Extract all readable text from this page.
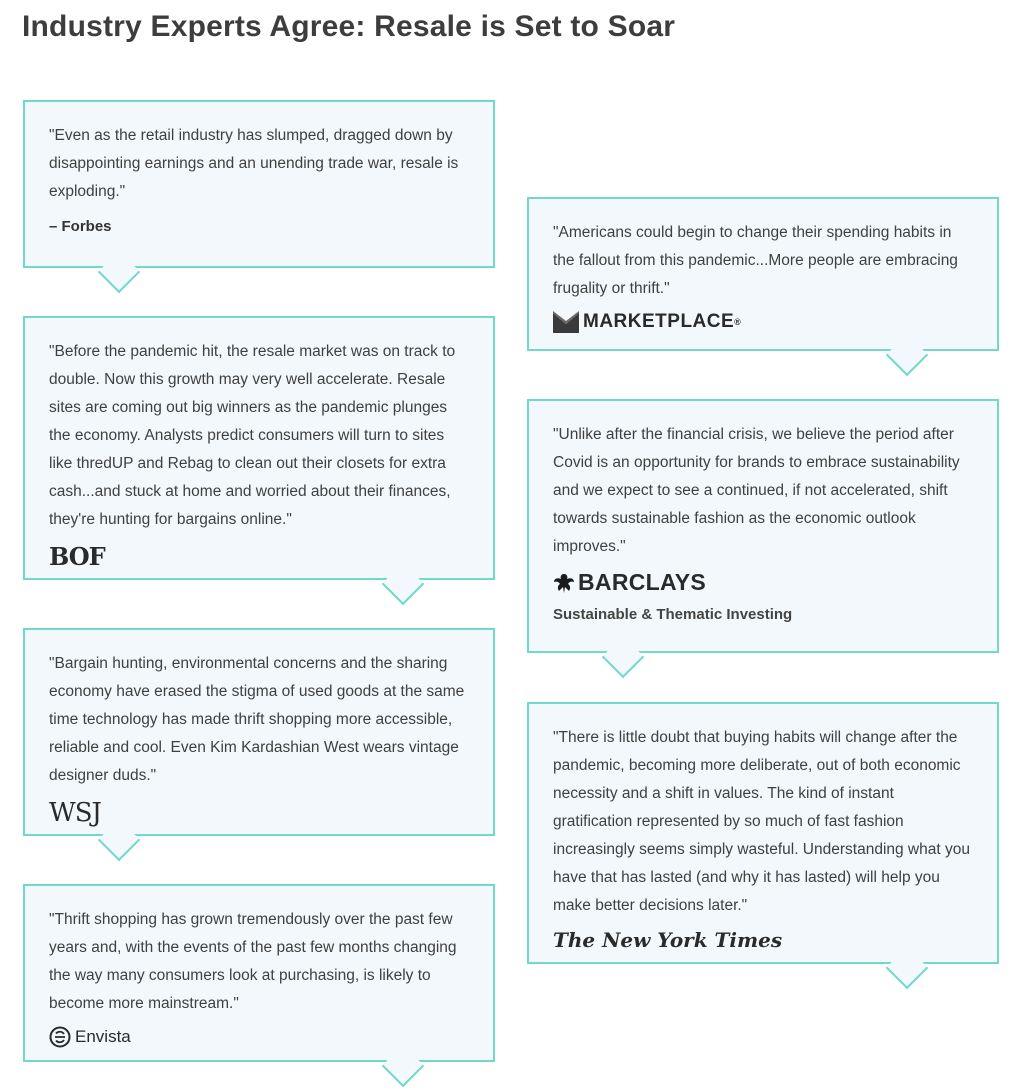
Industry Experts Agree: Resale is Set to Soar

"Even as the retail industry has slumped, dragged down by disappointing earnings and an unending trade war, resale is exploding."

– Forbes

"Before the pandemic hit, the resale market was on track to double. Now this growth may very well accelerate. Resale sites are coming out big winners as the pandemic plunges the economy. Analysts predict consumers will turn to sites like thredUP and Rebag to clean out their closets for extra cash...and stuck at home and worried about their finances, they're hunting for bargains online."

BOF

"Bargain hunting, environmental concerns and the sharing economy have erased the stigma of used goods at the same time technology has made thrift shopping more accessible, reliable and cool. Even Kim Kardashian West wears vintage designer duds."

WSJ

"Thrift shopping has grown tremendously over the past few years and, with the events of the past few months changing the way many consumers look at purchasing, is likely to become more mainstream."

Envista

"Americans could begin to change their spending habits in the fallout from this pandemic...More people are embracing frugality or thrift."

MARKETPLACE ®

"Unlike after the financial crisis, we believe the period after Covid is an opportunity for brands to embrace sustainability and we expect to see a continued, if not accelerated, shift towards sustainable fashion as the economic outlook improves."

BARCLAYS
Sustainable & Thematic Investing

"There is little doubt that buying habits will change after the pandemic, becoming more deliberate, out of both economic necessity and a shift in values. The kind of instant gratification represented by so much of fast fashion increasingly seems simply wasteful. Understanding what you have that has lasted (and why it has lasted) will help you make better decisions later."

The New York Times
